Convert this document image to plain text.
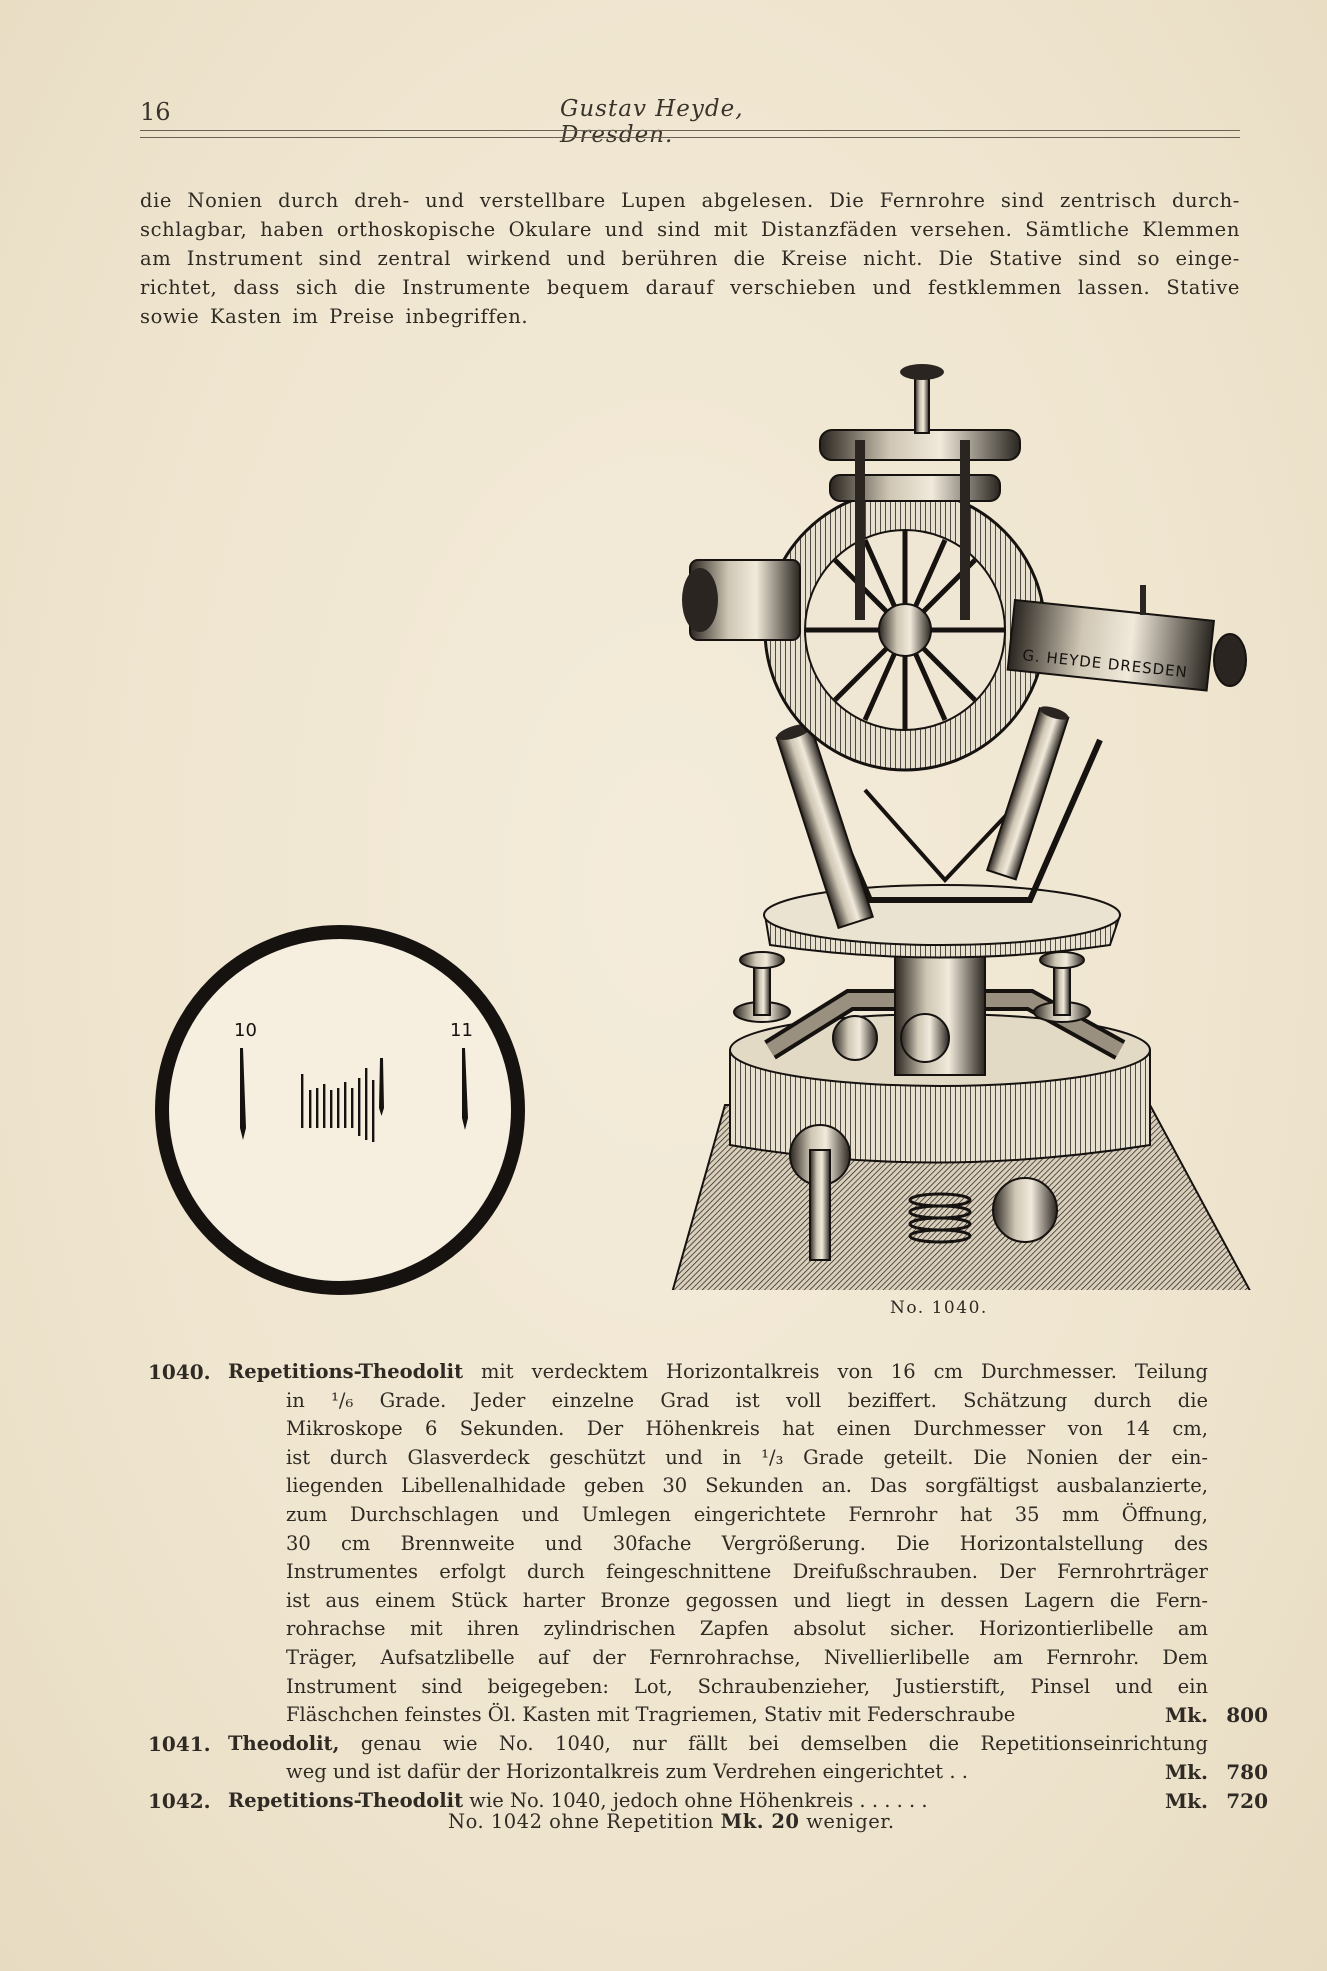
16	Gustav Heyde, Dresden.
die Nonien durch dreh- und verstellbare Lupen abgelesen. Die Fernrohre sind zentrisch durch-
schlagbar, haben orthoskopische Okulare und sind mit Distanzfäden versehen. Sämtliche Klemmen
am Instrument sind zentral wirkend und berühren die Kreise nicht. Die Stative sind so einge-
richtet, dass sich die Instrumente bequem darauf verschieben und festklemmen lassen. Stative
sowie Kasten im Preise inbegriffen.
10	11
G. HEYDE DRESDEN
No. 1040.
1040. Repetitions-Theodolit mit verdecktem Horizontalkreis von 16 cm Durchmesser. Teilung
in ¹/₆ Grade. Jeder einzelne Grad ist voll beziffert. Schätzung durch die
Mikroskope 6 Sekunden. Der Höhenkreis hat einen Durchmesser von 14 cm,
ist durch Glasverdeck geschützt und in ¹/₃ Grade geteilt. Die Nonien der ein-
liegenden Libellenalhidade geben 30 Sekunden an. Das sorgfältigst ausbalanzierte,
zum Durchschlagen und Umlegen eingerichtete Fernrohr hat 35 mm Öffnung,
30 cm Brennweite und 30fache Vergrößerung. Die Horizontalstellung des
Instrumentes erfolgt durch feingeschnittene Dreifußschrauben. Der Fernrohrträger
ist aus einem Stück harter Bronze gegossen und liegt in dessen Lagern die Fern-
rohrachse mit ihren zylindrischen Zapfen absolut sicher. Horizontierlibelle am
Träger, Aufsatzlibelle auf der Fernrohrachse, Nivellierlibelle am Fernrohr. Dem
Instrument sind beigegeben: Lot, Schraubenzieher, Justierstift, Pinsel und ein
Fläschchen feinstes Öl. Kasten mit Tragriemen, Stativ mit Federschraube	Mk. 800
1041. Theodolit, genau wie No. 1040, nur fällt bei demselben die Repetitionseinrichtung
weg und ist dafür der Horizontalkreis zum Verdrehen eingerichtet . .	Mk. 780
1042. Repetitions-Theodolit wie No. 1040, jedoch ohne Höhenkreis . . . . . .	Mk. 720
No. 1042 ohne Repetition Mk. 20 weniger.
